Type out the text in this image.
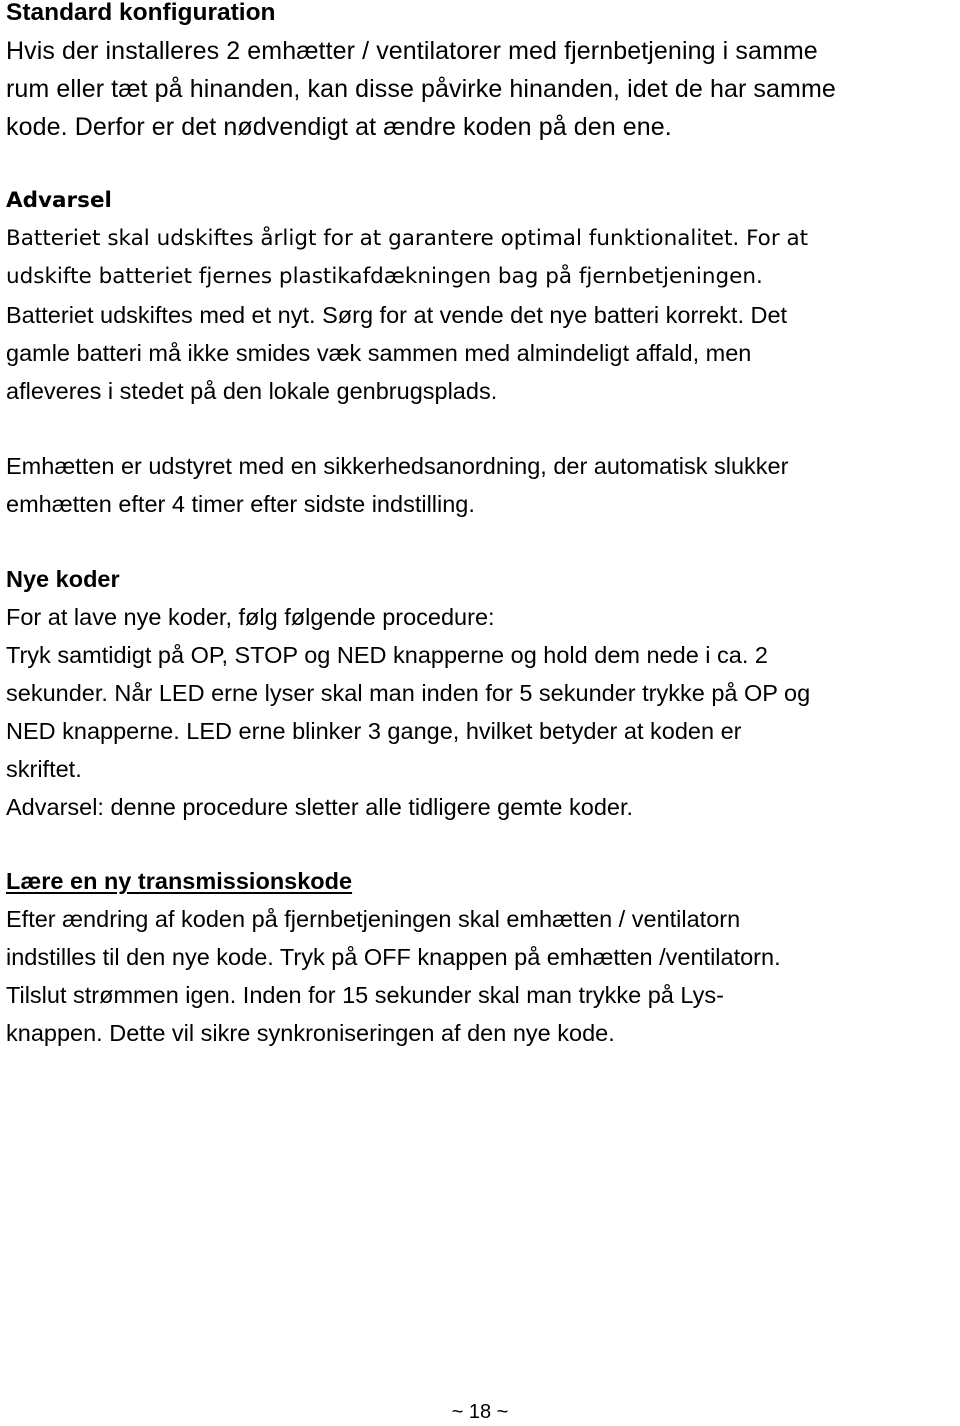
Standard konfiguration
Hvis der installeres 2 emhætter / ventilatorer med fjernbetjening i samme
rum eller tæt på hinanden, kan disse påvirke hinanden, idet de har samme
kode. Derfor er det nødvendigt at ændre koden på den ene.
Advarsel
Batteriet skal udskiftes årligt for at garantere optimal funktionalitet. For at
udskifte batteriet fjernes plastikafdækningen bag på fjernbetjeningen.
Batteriet udskiftes med et nyt. Sørg for at vende det nye batteri korrekt. Det
gamle batteri må ikke smides væk sammen med almindeligt affald, men
afleveres i stedet på den lokale genbrugsplads.
Emhætten er udstyret med en sikkerhedsanordning, der automatisk slukker
emhætten efter 4 timer efter sidste indstilling.
Nye koder
For at lave nye koder, følg følgende procedure:
Tryk samtidigt på OP, STOP og NED knapperne og hold dem nede i ca. 2
sekunder. Når LED erne lyser skal man inden for 5 sekunder trykke på OP og
NED knapperne. LED erne blinker 3 gange, hvilket betyder at koden er
skriftet.
Advarsel: denne procedure sletter alle tidligere gemte koder.
Lære en ny transmissionskode
Efter ændring af koden på fjernbetjeningen skal emhætten / ventilatorn
indstilles til den nye kode. Tryk på OFF knappen på emhætten /ventilatorn.
Tilslut strømmen igen. Inden for 15 sekunder skal man trykke på Lys-
knappen. Dette vil sikre synkroniseringen af den nye kode.
~ 18 ~
